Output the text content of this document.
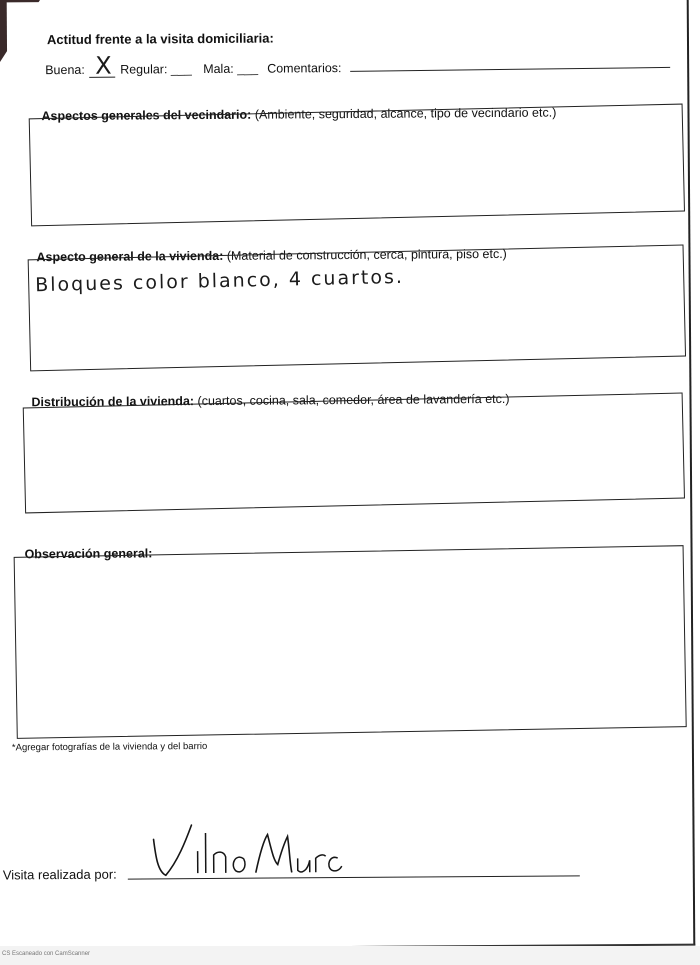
Actitud frente a la visita domiciliaria:
Buena: X Regular: ___ Mala: ___ Comentarios:
Aspectos generales del vecindario: (Ambiente, seguridad, alcance, tipo de vecindario etc.)
Aspecto general de la vivienda: (Material de construcción, cerca, pintura, piso etc.)
Bloques color blanco, 4 cuartos.
Distribución de la vivienda: (cuartos, cocina, sala, comedor, área de lavandería etc.)
Observación general:
*Agregar fotografías de la vivienda y del barrio
Visita realizada por:
CS Escaneado con CamScanner
